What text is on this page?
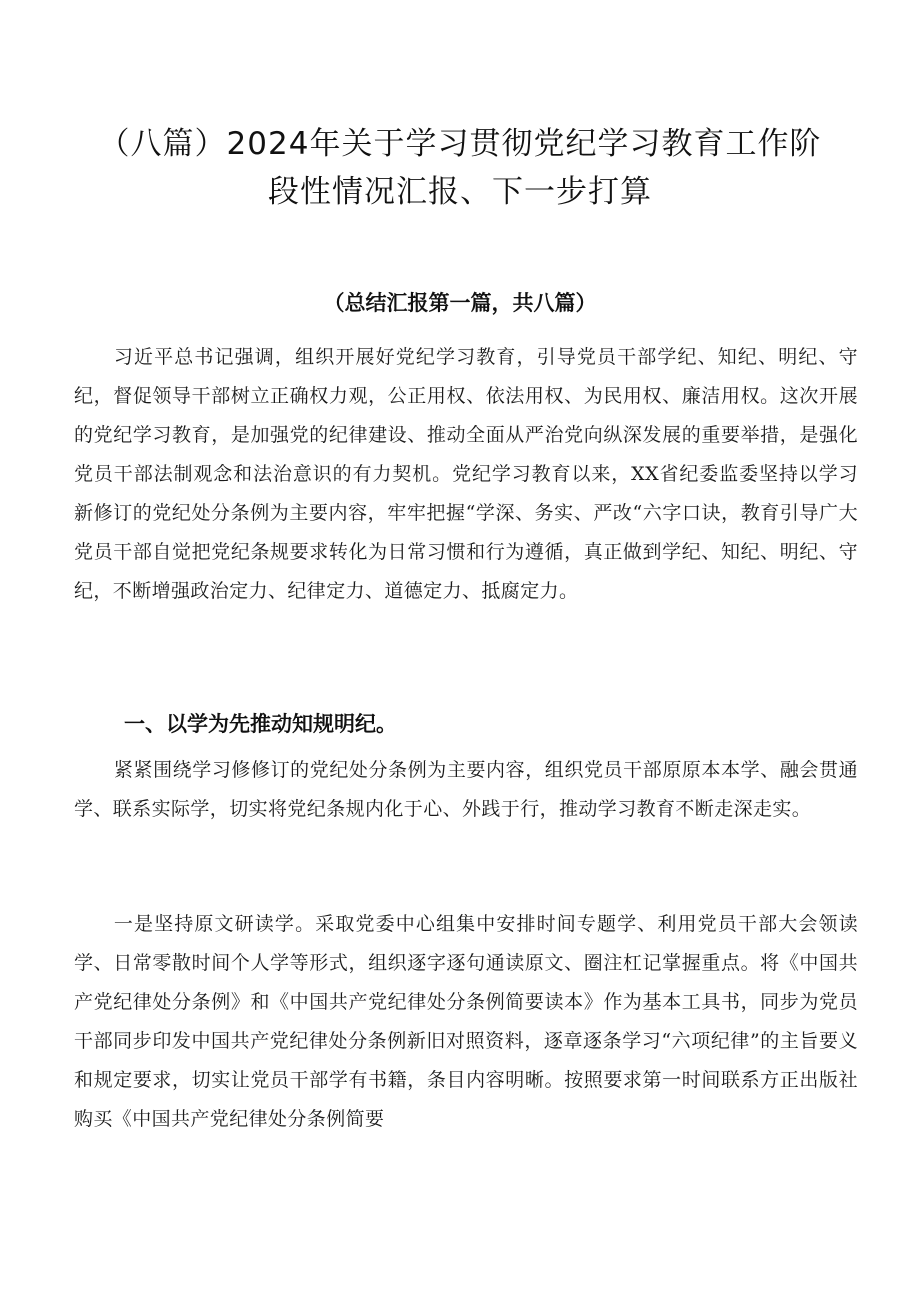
（八篇）2024年关于学习贯彻党纪学习教育工作阶
段性情况汇报、下一步打算

（总结汇报第一篇，共八篇）

习近平总书记强调，组织开展好党纪学习教育，引导党员干部学纪、知纪、明纪、守纪，督促领导干部树立正确权力观，公正用权、依法用权、为民用权、廉洁用权。这次开展的党纪学习教育，是加强党的纪律建设、推动全面从严治党向纵深发展的重要举措，是强化党员干部法制观念和法治意识的有力契机。党纪学习教育以来，XX省纪委监委坚持以学习新修订的党纪处分条例为主要内容，牢牢把握“学深、务实、严改“六字口诀，教育引导广大党员干部自觉把党纪条规要求转化为日常习惯和行为遵循，真正做到学纪、知纪、明纪、守纪，不断增强政治定力、纪律定力、道德定力、抵腐定力。

一、以学为先推动知规明纪。

紧紧围绕学习修修订的党纪处分条例为主要内容，组织党员干部原原本本学、融会贯通学、联系实际学，切实将党纪条规内化于心、外践于行，推动学习教育不断走深走实。

一是坚持原文研读学。采取党委中心组集中安排时间专题学、利用党员干部大会领读学、日常零散时间个人学等形式，组织逐字逐句通读原文、圈注杠记掌握重点。将《中国共产党纪律处分条例》和《中国共产党纪律处分条例简要读本》作为基本工具书，同步为党员干部同步印发中国共产党纪律处分条例新旧对照资料，逐章逐条学习“六项纪律”的主旨要义和规定要求，切实让党员干部学有书籍，条目内容明晰。按照要求第一时间联系方正出版社购买《中国共产党纪律处分条例简要
